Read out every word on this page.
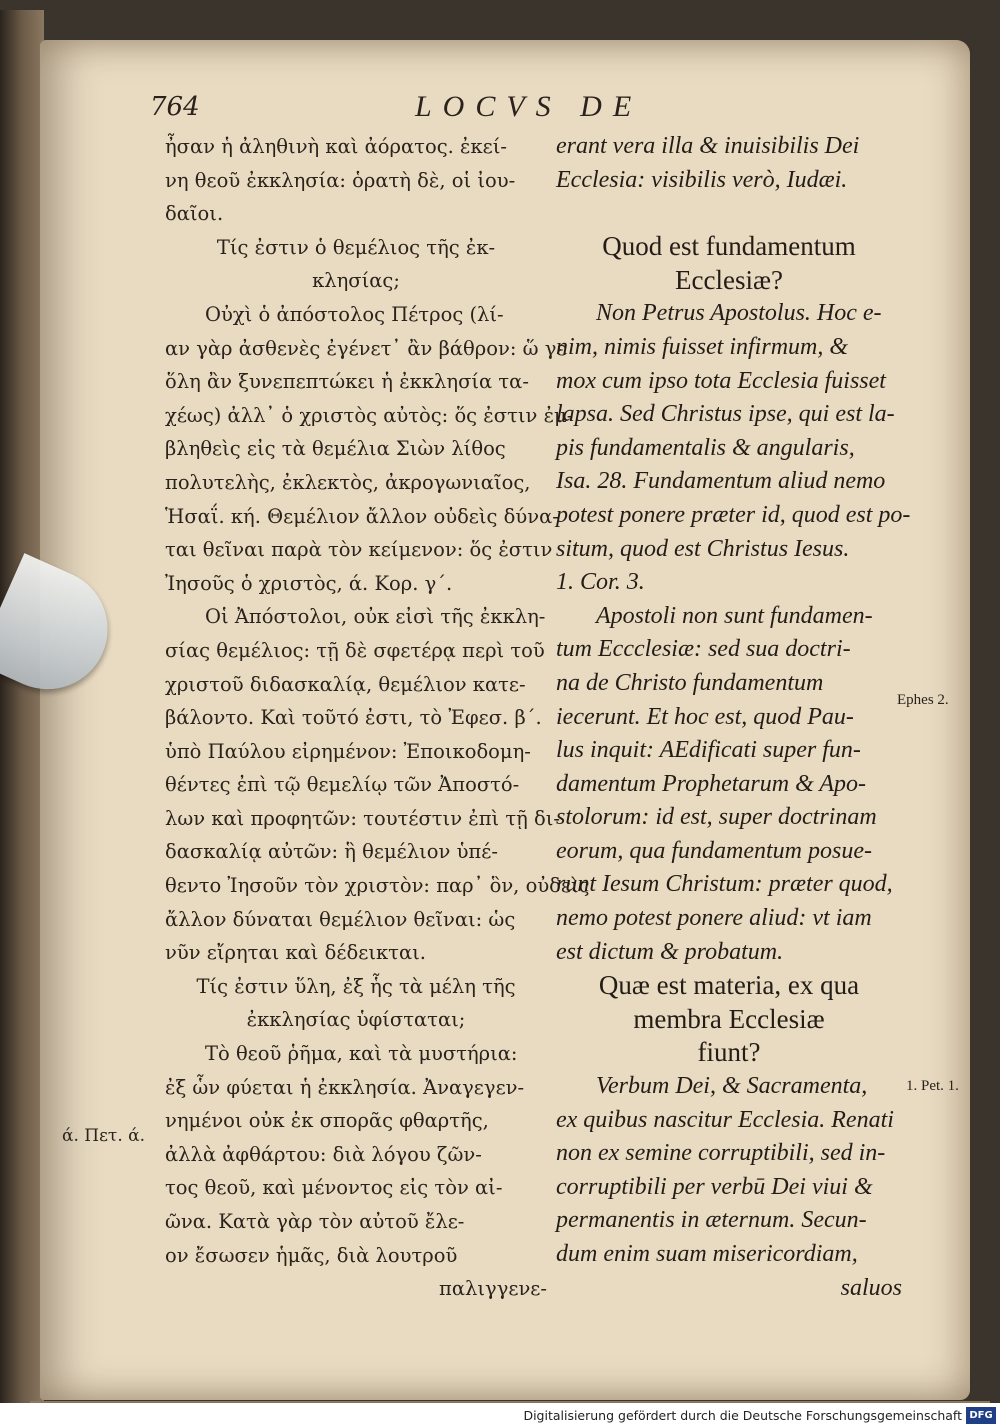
764	LOCVS DE
ἦσαν ἡ ἀληθινὴ καὶ ἀόρατος. ἐκεί-
νη θεοῦ ἐκκλησία: ὁρατὴ δὲ, οἱ ἰου-
δαῖοι.
Τίς ἐστιν ὁ θεμέλιος τῆς ἐκ-
κλησίας;
Οὐχὶ ὁ ἀπόστολος Πέτρος (λί-
αν γὰρ ἀσθενὲς ἐγένετ᾽ ἂν βάθρον: ὥ γε
ὅλη ἂν ξυνεπεπτώκει ἡ ἐκκλησία τα-
χέως) ἀλλ᾽ ὁ χριστὸς αὐτὸς: ὅς ἐστιν ἐμ-
βληθεὶς εἰς τὰ θεμέλια Σιὼν λίθος
πολυτελὴς, ἐκλεκτὸς, ἀκρογωνιαῖος,
Ἡσαΐ. κή. Θεμέλιον ἄλλον οὐδεὶς δύνα-
ται θεῖναι παρὰ τὸν κείμενον: ὅς ἐστιν
Ἰησοῦς ὁ χριστὸς, ά. Κορ. γ΄.
Οἱ Ἀπόστολοι, οὐκ εἰσὶ τῆς ἐκκλη-
σίας θεμέλιος: τῇ δὲ σφετέρᾳ περὶ τοῦ
χριστοῦ διδασκαλίᾳ, θεμέλιον κατε-
βάλοντο. Καὶ τοῦτό ἐστι, τὸ Ἐφεσ. β΄.
ὑπὸ Παύλου εἰρημένον: Ἐποικοδομη-
θέντες ἐπὶ τῷ θεμελίῳ τῶν Ἀποστό-
λων καὶ προφητῶν: τουτέστιν ἐπὶ τῇ δι-
δασκαλίᾳ αὐτῶν: ἣ θεμέλιον ὑπέ-
θεντο Ἰησοῦν τὸν χριστὸν: παρ᾽ ὃν, οὐδεὶς
ἄλλον δύναται θεμέλιον θεῖναι: ὡς
νῦν εἴρηται καὶ δέδεικται.
Τίς ἐστιν ὕλη, ἐξ ἧς τὰ μέλη τῆς
ἐκκλησίας ὑφίσταται;
Τὸ θεοῦ ῥῆμα, καὶ τὰ μυστήρια:
ἐξ ὧν φύεται ἡ ἐκκλησία. Ἀναγεγεν-
νημένοι οὐκ ἐκ σπορᾶς φθαρτῆς,
ἀλλὰ ἀφθάρτου: διὰ λόγου ζῶν-
τος θεοῦ, καὶ μένοντος εἰς τὸν αἰ-
ῶνα. Κατὰ γὰρ τὸν αὐτοῦ ἔλε-
ον ἔσωσεν ἡμᾶς, διὰ λουτροῦ
παλιγγενε-
erant vera illa & inuisibilis Dei
Ecclesia: visibilis verò, Iudæi.
Quod est fundamentum
Ecclesiæ?
Non Petrus Apostolus. Hoc e-
nim, nimis fuisset infirmum, &
mox cum ipso tota Ecclesia fuisset
lapsa. Sed Christus ipse, qui est la-
pis fundamentalis & angularis,
Isa. 28. Fundamentum aliud nemo
potest ponere præter id, quod est po-
situm, quod est Christus Iesus.
1. Cor. 3.
Apostoli non sunt fundamen-
tum Eccclesiæ: sed sua doctri-
na de Christo fundamentum
iecerunt. Et hoc est, quod Pau-
lus inquit: AEdificati super fun-
damentum Prophetarum & Apo-
stolorum: id est, super doctrinam
eorum, qua fundamentum posue-
runt Iesum Christum: præter quod,
nemo potest ponere aliud: vt iam
est dictum & probatum.
Quæ est materia, ex qua
membra Ecclesiæ
fiunt?
Verbum Dei, & Sacramenta,
ex quibus nascitur Ecclesia. Renati
non ex semine corruptibili, sed in-
corruptibili per verbū Dei viui &
permanentis in æternum. Secun-
dum enim suam misericordiam,
saluos
Ephes 2.
1. Pet. 1.
ά. Πετ. ά.
Digitalisierung gefördert durch die Deutsche Forschungsgemeinschaft DFG
